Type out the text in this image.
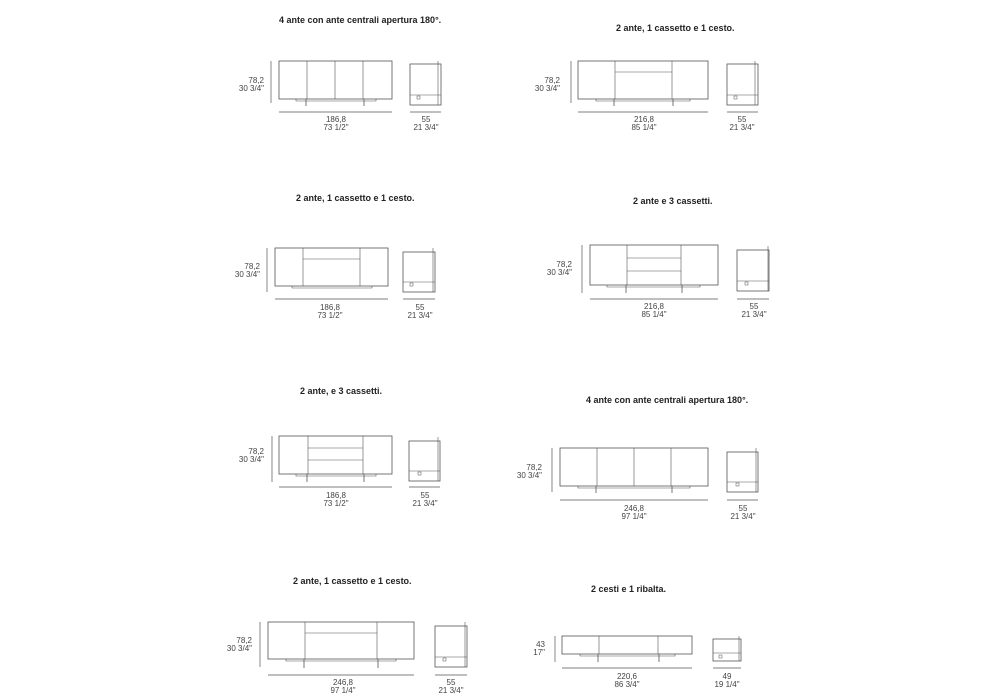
4 ante con ante centrali apertura 180°.
78,2
30 3/4"
186,8
73 1/2"
55
21 3/4"
2 ante, 1 cassetto e 1 cesto.
78,2
30 3/4"
216,8
85 1/4"
55
21 3/4"
2 ante, 1 cassetto e 1 cesto.
78,2
30 3/4"
186,8
73 1/2"
55
21 3/4"
2 ante e 3 cassetti.
78,2
30 3/4"
216,8
85 1/4"
55
21 3/4"
2 ante, e 3 cassetti.
78,2
30 3/4"
186,8
73 1/2"
55
21 3/4"
4 ante con ante centrali apertura 180°.
78,2
30 3/4"
246,8
97 1/4"
55
21 3/4"
2 ante, 1 cassetto e 1 cesto.
78,2
30 3/4"
246,8
97 1/4"
55
21 3/4"
2 cesti e 1 ribalta.
43
17"
220,6
86 3/4"
49
19 1/4"
